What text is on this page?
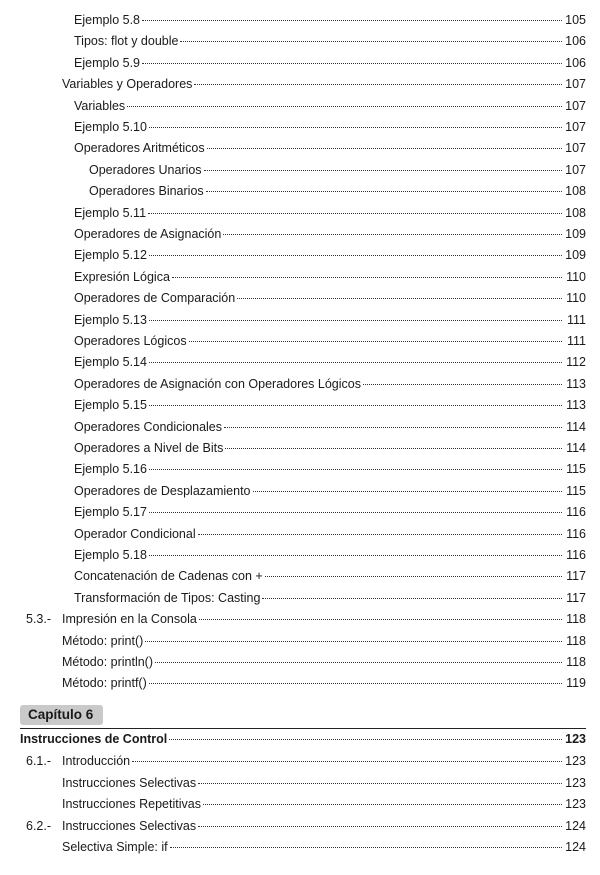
Ejemplo 5.8	105
Tipos: flot y double	106
Ejemplo 5.9	106
Variables y Operadores	107
Variables	107
Ejemplo 5.10	107
Operadores Aritméticos	107
Operadores Unarios	107
Operadores Binarios	108
Ejemplo 5.11	108
Operadores de Asignación	109
Ejemplo 5.12	109
Expresión Lógica	110
Operadores de Comparación	110
Ejemplo 5.13	111
Operadores Lógicos	111
Ejemplo 5.14	112
Operadores de Asignación con Operadores Lógicos	113
Ejemplo 5.15	113
Operadores Condicionales	114
Operadores a Nivel de Bits	114
Ejemplo 5.16	115
Operadores de Desplazamiento	115
Ejemplo 5.17	116
Operador Condicional	116
Ejemplo 5.18	116
Concatenación de Cadenas con +	117
Transformación de Tipos: Casting	117
5.3.- Impresión en la Consola	118
Método: print()	118
Método: println()	118
Método: printf()	119
Capítulo 6
Instrucciones de Control	123
6.1.- Introducción	123
Instrucciones Selectivas	123
Instrucciones Repetitivas	123
6.2.- Instrucciones Selectivas	124
Selectiva Simple: if	124
